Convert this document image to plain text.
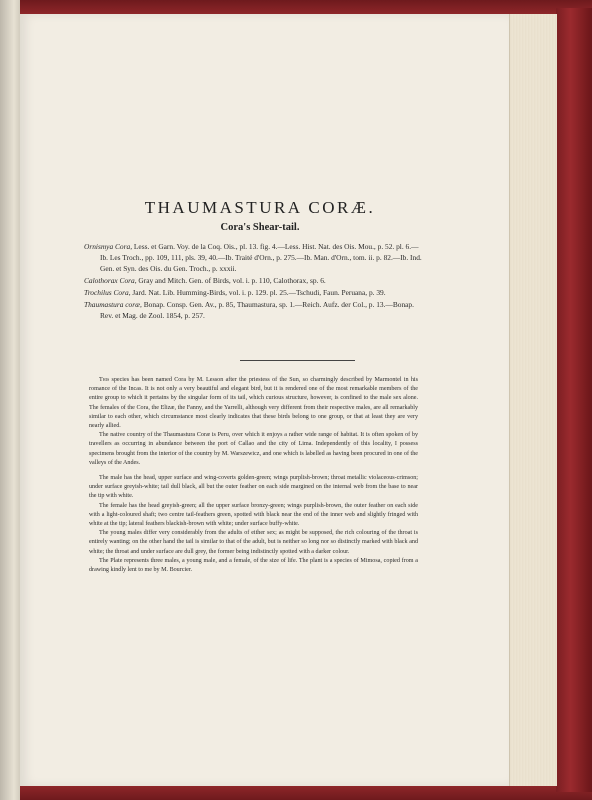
THAUMASTURA CORÆ.
Cora's Shear-tail.
Ornismya Cora, Less. et Garn. Voy. de la Coq. Ois., pl. 13. fig. 4.—Less. Hist. Nat. des Ois. Mou., p. 52. pl. 6.—Ib. Les Troch., pp. 109, 111, pls. 39, 40.—Ib. Traité d'Orn., p. 275.—Ib. Man. d'Orn., tom. ii. p. 82.—Ib. Ind. Gen. et Syn. des Ois. du Gen. Troch., p. xxxii.
Calothorax Cora, Gray and Mitch. Gen. of Birds, vol. i. p. 110, Calothorax, sp. 6.
Trochilus Cora, Jard. Nat. Lib. Humming-Birds, vol. i. p. 129. pl. 25.—Tschudi, Faun. Peruana, p. 39.
Thaumastura coræ, Bonap. Consp. Gen. Av., p. 85, Thaumastura, sp. 1.—Reich. Aufz. der Col., p. 13.—Bonap. Rev. et Mag. de Zool. 1854, p. 257.

This species has been named Cora by M. Lesson after the priestess of the Sun, so charmingly described by Marmontel in his romance of the Incas. It is not only a very beautiful and elegant bird, but it is rendered one of the most remarkable members of the entire group to which it pertains by the singular form of its tail, which curious structure, however, is confined to the male sex alone. The females of the Cora, the Elizæ, the Fanny, and the Yarrelli, although very different from their respective males, are all remarkably similar to each other, which circumstance most clearly indicates that these birds belong to one group, or that at least they are very nearly allied.

The native country of the Thaumastura Coræ is Peru, over which it enjoys a rather wide range of habitat. It is often spoken of by travellers as occurring in abundance between the port of Callao and the city of Lima. Independently of this locality, I possess specimens brought from the interior of the country by M. Warszewicz, and one which is labelled as having been procured in one of the valleys of the Andes.

The male has the head, upper surface and wing-coverts golden-green; wings purplish-brown; throat metallic violaceous-crimson; under surface greyish-white; tail dull black, all but the outer feather on each side margined on the internal web from the base to near the tip with white.

The female has the head greyish-green; all the upper surface bronzy-green; wings purplish-brown, the outer feather on each side with a light-coloured shaft; two centre tail-feathers green, spotted with black near the end of the inner web and slightly fringed with white at the tip; lateral feathers blackish-brown with white; under surface buffy-white.

The young males differ very considerably from the adults of either sex; as might be supposed, the rich colouring of the throat is entirely wanting; on the other hand the tail is similar to that of the adult, but is neither so long nor so distinctly marked with black and white; the throat and under surface are dull grey, the former being indistinctly spotted with a darker colour.

The Plate represents three males, a young male, and a female, of the size of life. The plant is a species of Mimosa, copied from a drawing kindly lent to me by M. Bourcier.
